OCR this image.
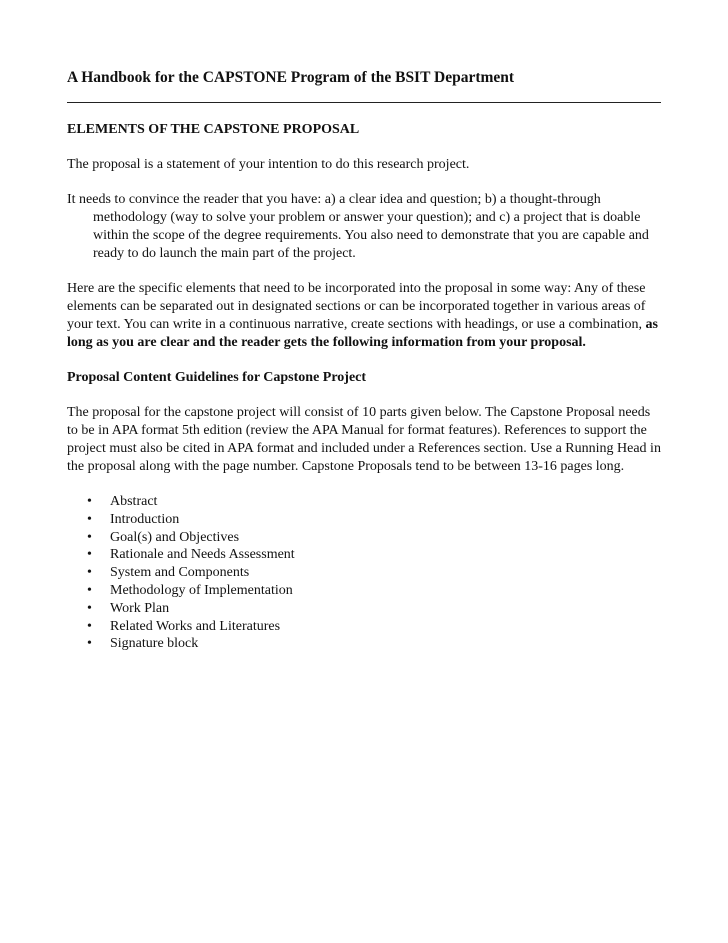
A Handbook for the CAPSTONE Program of the BSIT Department
ELEMENTS OF THE CAPSTONE PROPOSAL

The proposal is a statement of your intention to do this research project.

It needs to convince the reader that you have: a) a clear idea and question; b) a thought-through methodology (way to solve your problem or answer your question); and c) a project that is doable within the scope of the degree requirements. You also need to demonstrate that you are capable and ready to do launch the main part of the project.

Here are the specific elements that need to be incorporated into the proposal in some way: Any of these elements can be separated out in designated sections or can be incorporated together in various areas of your text. You can write in a continuous narrative, create sections with headings, or use a combination, as long as you are clear and the reader gets the following information from your proposal.

Proposal Content Guidelines for Capstone Project

The proposal for the capstone project will consist of 10 parts given below. The Capstone Proposal needs to be in APA format 5th edition (review the APA Manual for format features). References to support the project must also be cited in APA format and included under a References section. Use a Running Head in the proposal along with the page number. Capstone Proposals tend to be between 13-16 pages long.

• Abstract
• Introduction
• Goal(s) and Objectives
• Rationale and Needs Assessment
• System and Components
• Methodology of Implementation
• Work Plan
• Related Works and Literatures
• Signature block
